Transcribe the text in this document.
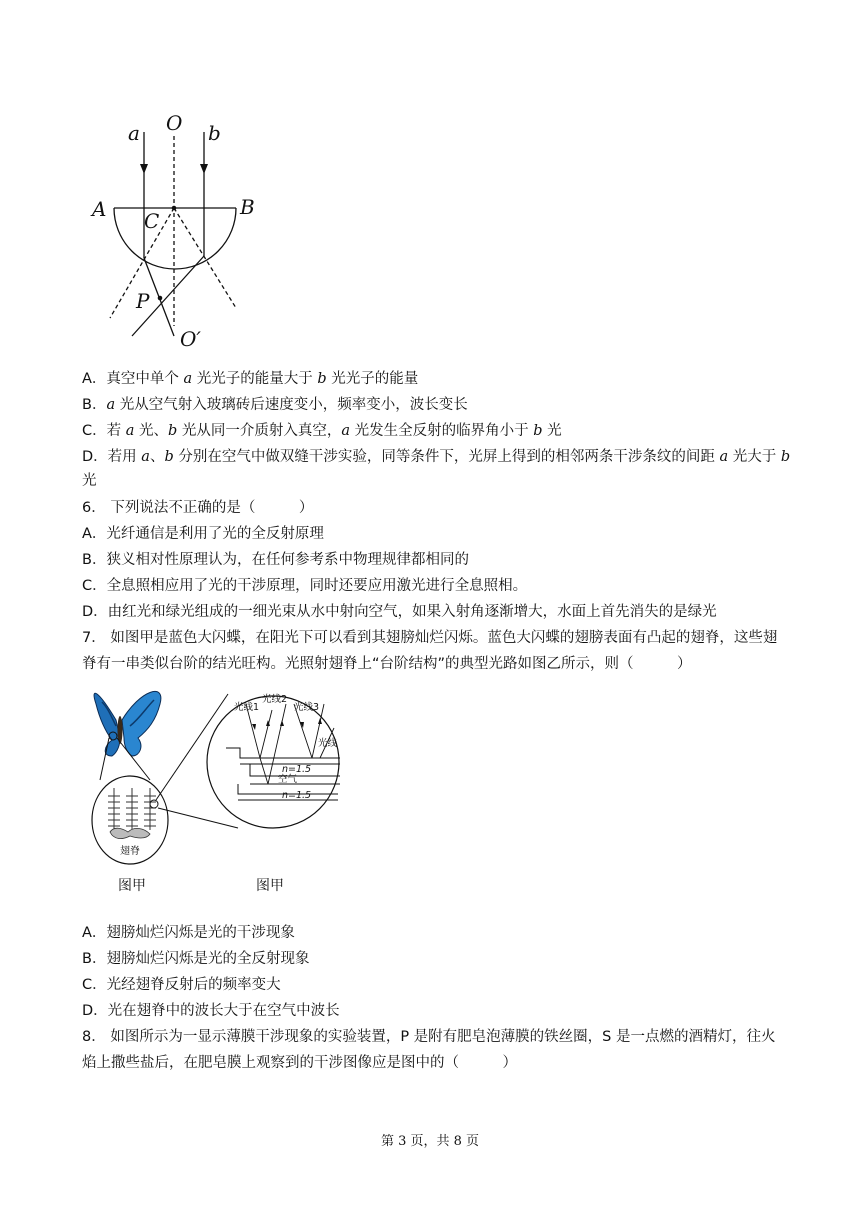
a O b
A	B
C
P
O′
A．真空中单个 a 光光子的能量大于 b 光光子的能量
B．a 光从空气射入玻璃砖后速度变小，频率变小，波长变长
C．若 a 光、b 光从同一介质射入真空，a 光发生全反射的临界角小于 b 光
D．若用 a、b 分别在空气中做双缝干涉实验，同等条件下，光屏上得到的相邻两条干涉条纹的间距 a 光大于 b
光
6． 下列说法不正确的是（　　　）
A．光纤通信是利用了光的全反射原理
B．狭义相对性原理认为，在任何参考系中物理规律都相同的
C．全息照相应用了光的干涉原理，同时还要应用激光进行全息照相。
D．由红光和绿光组成的一细光束从水中射向空气，如果入射角逐渐增大，水面上首先消失的是绿光
7． 如图甲是蓝色大闪蝶，在阳光下可以看到其翅膀灿烂闪烁。蓝色大闪蝶的翅膀表面有凸起的翅脊，这些翅
脊有一串类似台阶的结光旺构。光照射翅脊上“台阶结构”的典型光路如图乙所示，则（　　　）
翅脊
光线1
光线2
光线3
光线
n=1.5
空气
n=1.5
图甲	图甲
A．翅膀灿烂闪烁是光的干涉现象
B．翅膀灿烂闪烁是光的全反射现象
C．光经翅脊反射后的频率变大
D．光在翅脊中的波长大于在空气中波长
8． 如图所示为一显示薄膜干涉现象的实验装置，P 是附有肥皂泡薄膜的铁丝圈，S 是一点燃的酒精灯，往火
焰上撒些盐后，在肥皂膜上观察到的干涉图像应是图中的（　　　）
第 3 页，共 8 页
